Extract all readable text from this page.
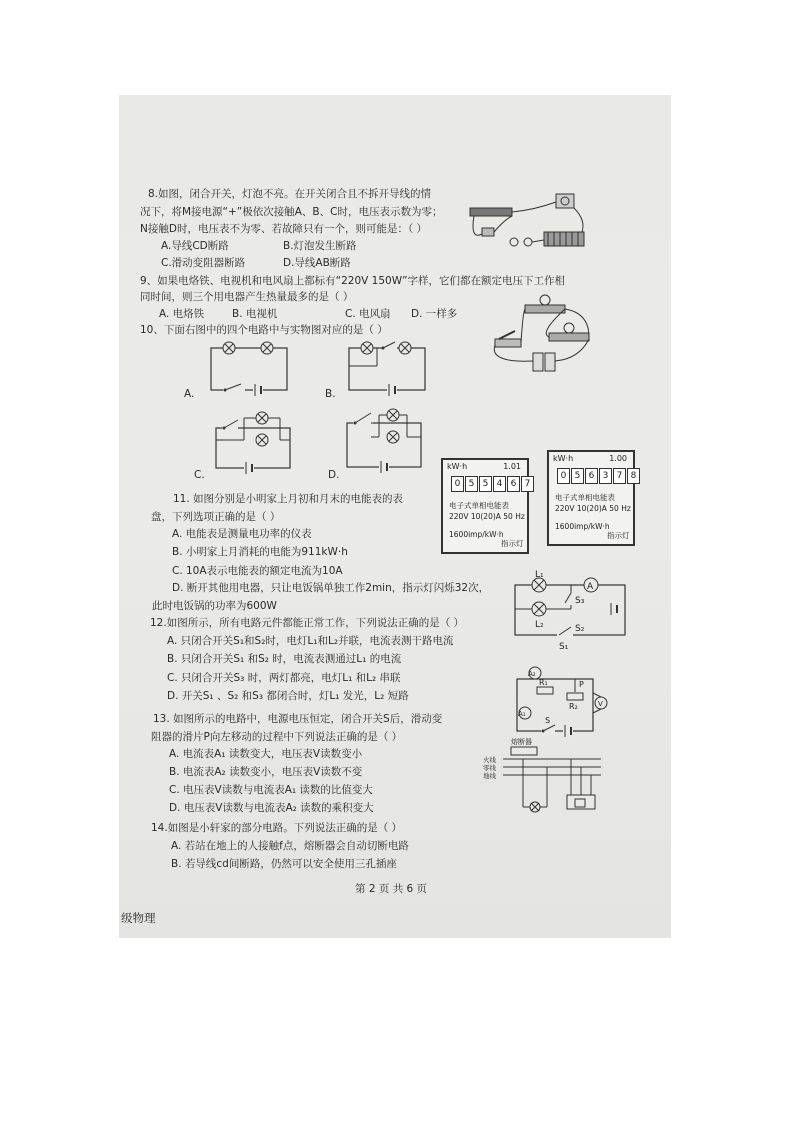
8.如图，闭合开关，灯泡不亮。在开关闭合且不拆开导线的情
况下，将M接电源“+”极依次接触A、B、C时，电压表示数为零；
N接触D时，电压表不为零、若故障只有一个，则可能是：（ ）
A.导线CD断路	B.灯泡发生断路
C.滑动变阻器断路	D.导线AB断路
9、如果电烙铁、电视机和电风扇上都标有“220V 150W”字样，它们都在额定电压下工作相
同时间，则三个用电器产生热量最多的是（ ）
A. 电烙铁	B. 电视机	C. 电风扇 D. 一样多
10、下面右图中的四个电路中与实物图对应的是（ ）
A.	B.
C.	D.
11. 如图分别是小明家上月初和月末的电能表的表
盘，下列选项正确的是（ ）
A. 电能表是测量电功率的仪表
B. 小明家上月消耗的电能为911kW·h
C. 10A表示电能表的额定电流为10A
D. 断开其他用电器，只让电饭锅单独工作2min，指示灯闪烁32次，
此时电饭锅的功率为600W
kW·h	1.01
0 5 5 4 6 7
电子式单相电能表
220V 10(20)A 50 Hz
1600imp/kW·h
指示灯
kW·h	1.00
0 5 6 3 7 8
电子式单相电能表
220V 10(20)A 50 Hz
1600imp/kW·h
指示灯
12.如图所示，所有电路元件都能正常工作，下列说法正确的是（ ）
A. 只闭合开关S₁和S₂时，电灯L₁和L₂并联，电流表测干路电流
B. 只闭合开关S₁ 和S₂ 时，电流表测通过L₁ 的电流
C. 只闭合开关S₃ 时，两灯都亮，电灯L₁ 和L₂ 串联
D. 开关S₁ 、S₂ 和S₃ 都闭合时，灯L₁ 发光，L₂ 短路
A
L₁
L₂
S₃
S₂
S₁
13. 如图所示的电路中，电源电压恒定，闭合开关S后，滑动变
阻器的滑片P向左移动的过程中下列说法正确的是（ ）
A. 电流表A₁ 读数变大，电压表V读数变小
B. 电流表A₂ 读数变小，电压表V读数不变
C. 电压表V读数与电流表A₁ 读数的比值变大
D. 电压表V读数与电流表A₂ 读数的乘积变大
A₂
A₁
R₁
R₂
P
V
S
14.如图是小轩家的部分电路。下列说法正确的是（ ）
A. 若站在地上的人接触f点，熔断器会自动切断电路
B. 若导线cd间断路，仍然可以安全使用三孔插座
熔断器
火线
零线
地线
第 2 页 共 6 页
级物理
